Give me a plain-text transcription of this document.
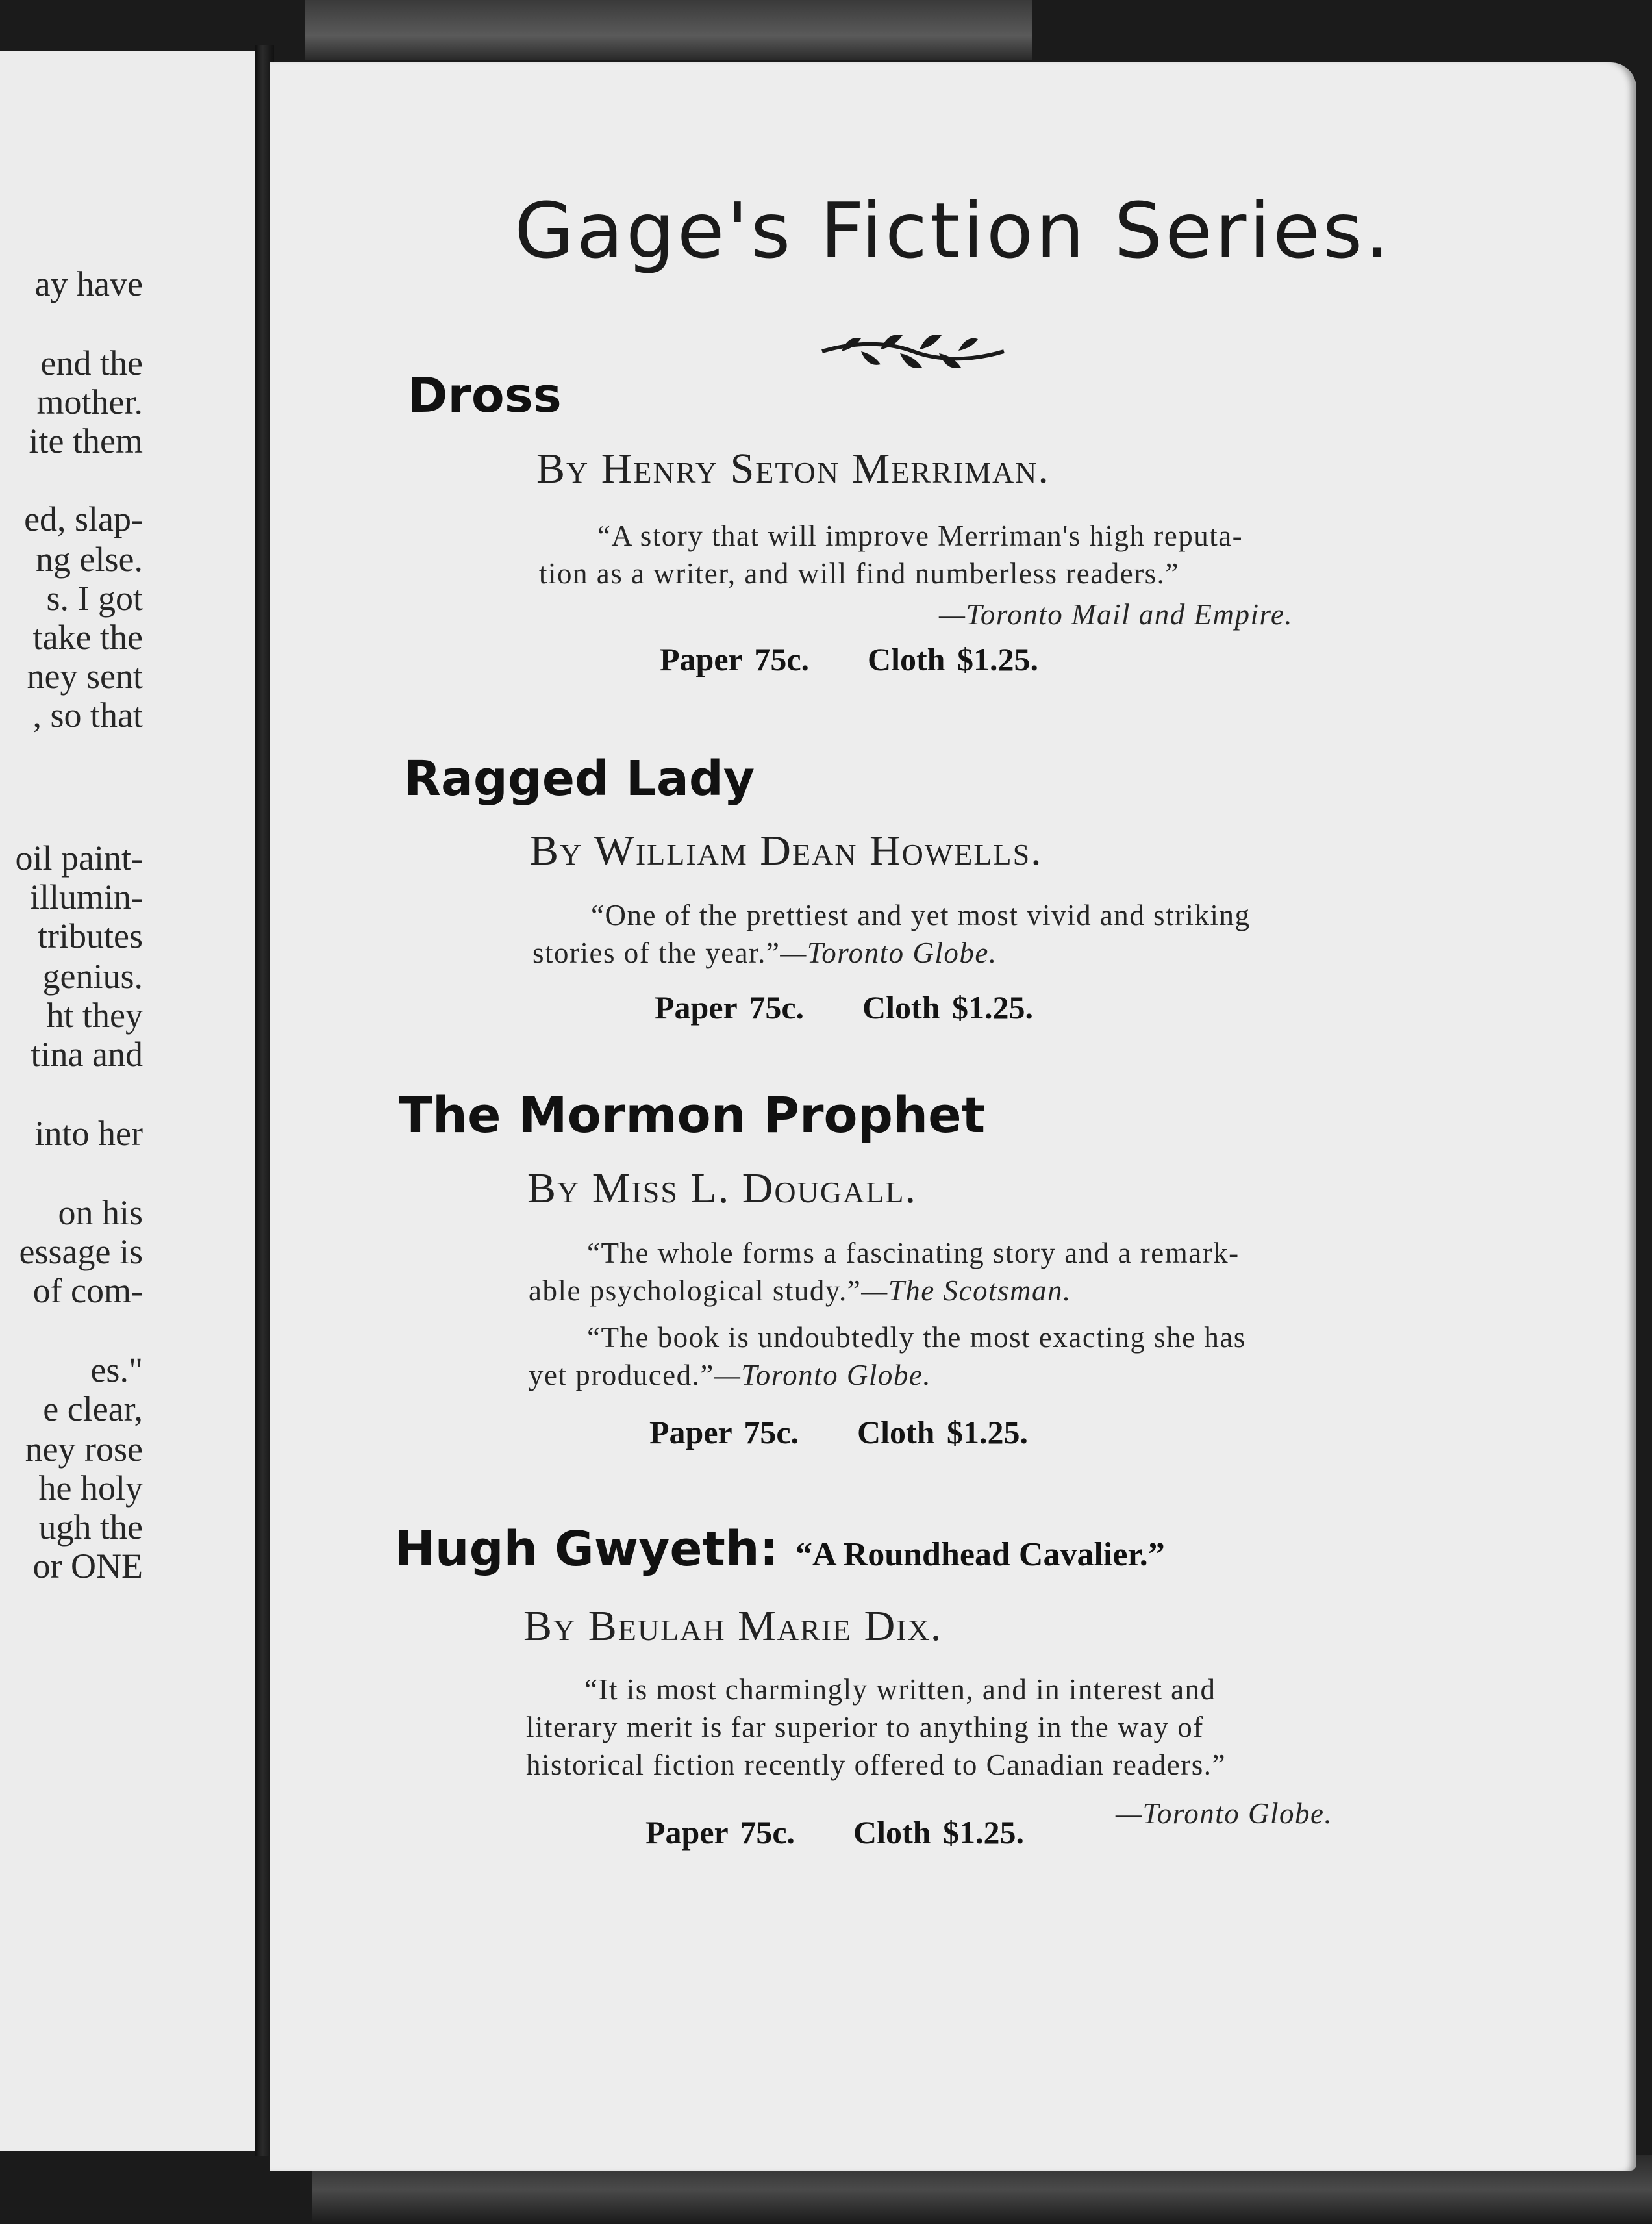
ay have
end the
mother.
ite them
ed, slap-
ng else.
s. I got
take the
ney sent
, so that
oil paint-
illumin-
tributes
genius.
ht they
tina and
into her
on his
essage is
of com-
es."
e clear,
ney rose
he holy
ugh the
or ONE
Gage's Fiction Series.
Dross
By Henry Seton Merriman.
“A story that will improve Merriman's high reputa-
tion as a writer, and will find numberless readers.”
—Toronto Mail and Empire.
Paper 75c. Cloth $1.25.
Ragged Lady
By William Dean Howells.
“One of the prettiest and yet most vivid and striking
stories of the year.”—Toronto Globe.
Paper 75c. Cloth $1.25.
The Mormon Prophet
By Miss L. Dougall.
“The whole forms a fascinating story and a remark-
able psychological study.”—The Scotsman.
“The book is undoubtedly the most exacting she has
yet produced.”—Toronto Globe.
Paper 75c. Cloth $1.25.
Hugh Gwyeth: “A Roundhead Cavalier.”
By Beulah Marie Dix.
“It is most charmingly written, and in interest and
literary merit is far superior to anything in the way of
historical fiction recently offered to Canadian readers.”
—Toronto Globe.
Paper 75c. Cloth $1.25.
